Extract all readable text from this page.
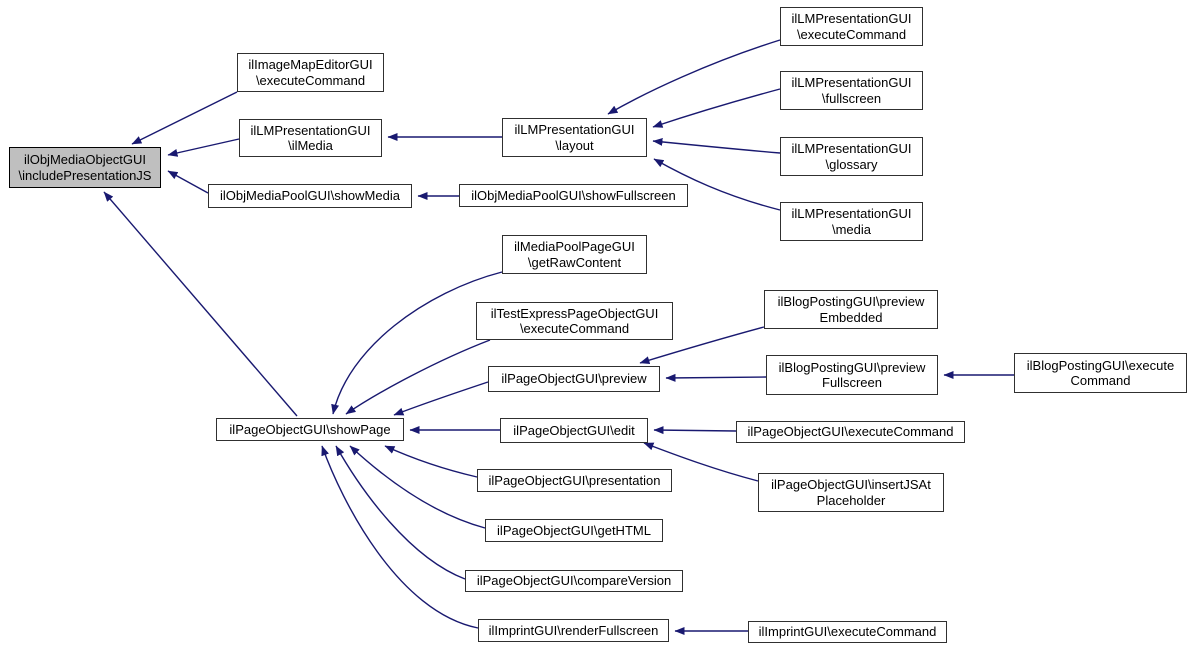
ilObjMediaObjectGUI
\includePresentationJS
ilImageMapEditorGUI
\executeCommand
ilLMPresentationGUI
\ilMedia
ilObjMediaPoolGUI\showMedia
ilLMPresentationGUI
\layout
ilObjMediaPoolGUI\showFullscreen
ilLMPresentationGUI
\executeCommand
ilLMPresentationGUI
\fullscreen
ilLMPresentationGUI
\glossary
ilLMPresentationGUI
\media
ilMediaPoolPageGUI
\getRawContent
ilTestExpressPageObjectGUI
\executeCommand
ilPageObjectGUI\preview
ilPageObjectGUI\showPage	ilPageObjectGUI\edit
ilPageObjectGUI\presentation
ilPageObjectGUI\getHTML
ilPageObjectGUI\compareVersion
ilImprintGUI\renderFullscreen
ilBlogPostingGUI\preview
Embedded
ilBlogPostingGUI\preview
Fullscreen
ilBlogPostingGUI\execute
Command
ilPageObjectGUI\executeCommand
ilPageObjectGUI\insertJSAt
Placeholder
ilImprintGUI\executeCommand
